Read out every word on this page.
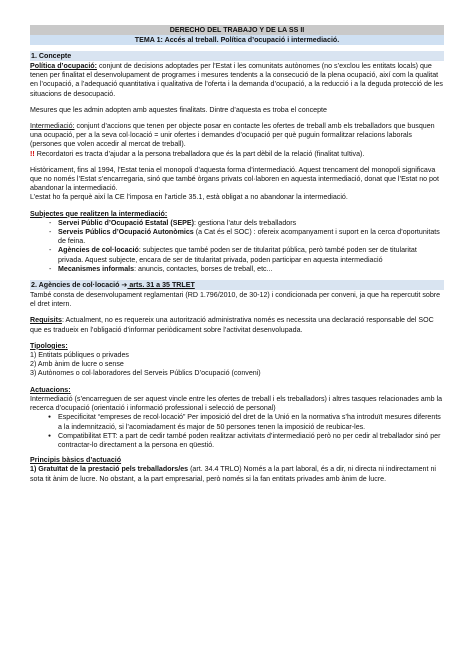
DERECHO DEL TRABAJO Y DE LA SS II
TEMA 1: Accés al treball. Política d’ocupació i intermediació.
1. Concepte

Política d’ocupació: conjunt de decisions adoptades per l’Estat i les comunitats autònomes (no s’exclou les entitats locals) que tenen per finalitat el desenvolupament de programes i mesures tendents a la consecució de la plena ocupació, així com la qualitat en l’ocupació, a l’adequació quantitativa i qualitativa de l’oferta i la demanda d’ocupació, a la reducció i a la deguda protecció de les situacions de desocupació.

Mesures que les admin adopten amb aquestes finalitats. Dintre d’aquesta es troba el concepte

Intermediació: conjunt d’accions que tenen per objecte posar en contacte les ofertes de treball amb els treballadors que busquen una ocupació, per a la seva col·locació = unir ofertes i demandes d’ocupació per què puguin formalitzar relacions laborals (persones que volen accedir al mercat de treball).

!! Recordatori es tracta d’ajudar a la persona treballadora que és la part dèbil de la relació (finalitat tuïtiva).

Històricament, fins al 1994, l’Estat tenia el monopoli d’aquesta forma d’intermediació. Aquest trencament del monopoli significava que no només l’Estat s’encarregaria, sinó que també òrgans privats col·laboren en aquesta intermediació, donat que l’Estat no pot abandonar la intermediació.

L’estat ho fa perquè així la CE l’imposa en l’article 35.1, està obligat a no abandonar la intermediació.

Subjectes que realitzen la intermediació:
- Servei Públic d’Ocupació Estatal (SEPE): gestiona l’atur dels treballadors
- Serveis Públics d’Ocupació Autonòmics (a Cat és el SOC) : ofereix acompanyament i suport en la cerca d’oportunitats de feina.
- Agències de col·locació: subjectes que també poden ser de titularitat pública, però també poden ser de titularitat privada. Aquest subjecte, encara de ser de titularitat privada, poden participar en aquesta intermediació
- Mecanismes informals: anuncis, contactes, borses de treball, etc...
2. Agències de col·locació ➔ arts. 31 a 35 TRLET

També consta de desenvolupament reglamentari (RD 1.796/2010, de 30-12) i condicionada per conveni, ja que ha repercutit sobre el dret intern.

Requisits: Actualment, no es requereix una autorització administrativa només es necessita una declaració responsable del SOC que es tradueix en l’obligació d’informar periòdicament sobre l’activitat desenvolupada.

Tipologies:

1) Entitats públiques o privades

2) Amb ànim de lucre o sense

3) Autònomes o col·laboradores del Serveis Públics D’ocupació (conveni)

Actuacions:

Intermediació (s’encarreguen de ser aquest vincle entre les ofertes de treball i els treballadors) i altres tasques relacionades amb la recerca d’ocupació (orientació i informació professional i selecció de personal)

● Especificitat “empreses de recol·locació” Per imposició del dret de la Unió en la normativa s’ha introduït mesures diferents a la indemnització, si l’acomiadament és major de 50 persones tenen la imposició de reubicar-les.
● Compatibilitat ETT: a part de cedir també poden realitzar activitats d’intermediació però no per cedir al treballador sinó per contractar-lo directament a la persona en qüestió.

Principis bàsics d’actuació

1) Gratuïtat de la prestació pels treballadors/es (art. 34.4 TRLO) Només a la part laboral, és a dir, ni directa ni indirectament ni sota tit ànim de lucre. No obstant, a la part empresarial, però només si la fan entitats privades amb ànim de lucre.
